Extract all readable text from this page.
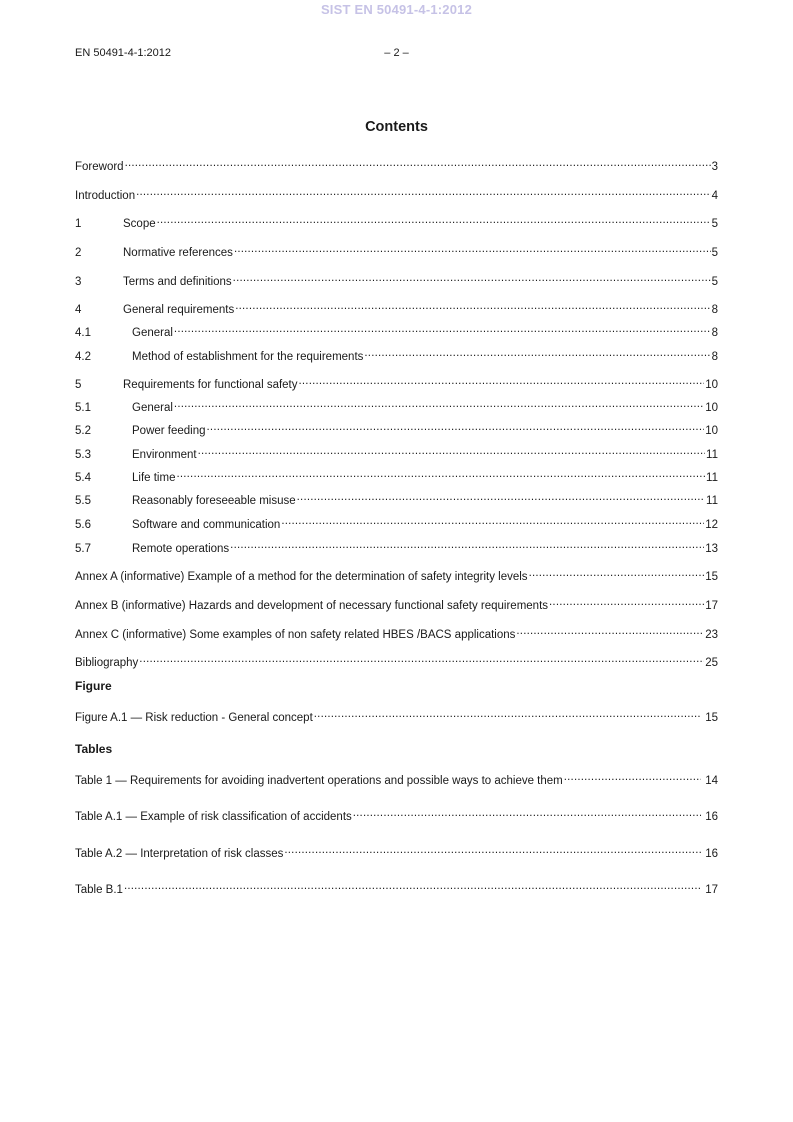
SIST EN 50491-4-1:2012
EN 50491-4-1:2012	– 2 –
Contents
Foreword .....	3
Introduction .....	4
1	Scope .....	5
2	Normative references .....	5
3	Terms and definitions .....	5
4	General requirements .....	8
4.1	General .....	8
4.2	Method of establishment for the requirements .....	8
5	Requirements for functional safety .....	10
5.1	General .....	10
5.2	Power feeding .....	10
5.3	Environment .....	11
5.4	Life time .....	11
5.5	Reasonably foreseeable misuse .....	11
5.6	Software and communication .....	12
5.7	Remote operations .....	13
Annex A (informative) Example of a method for the determination of safety integrity levels .....	15
Annex B (informative) Hazards and development of necessary functional safety requirements .....	17
Annex C (informative) Some examples of non safety related HBES /BACS applications .....	23
Bibliography .....	25
Figure
Figure A.1 — Risk reduction - General concept .....	15
Tables
Table 1 — Requirements for avoiding inadvertent operations and possible ways to achieve them .....	14
Table A.1 — Example of risk classification of accidents .....	16
Table A.2 — Interpretation of risk classes .....	16
Table B.1 .....	17
